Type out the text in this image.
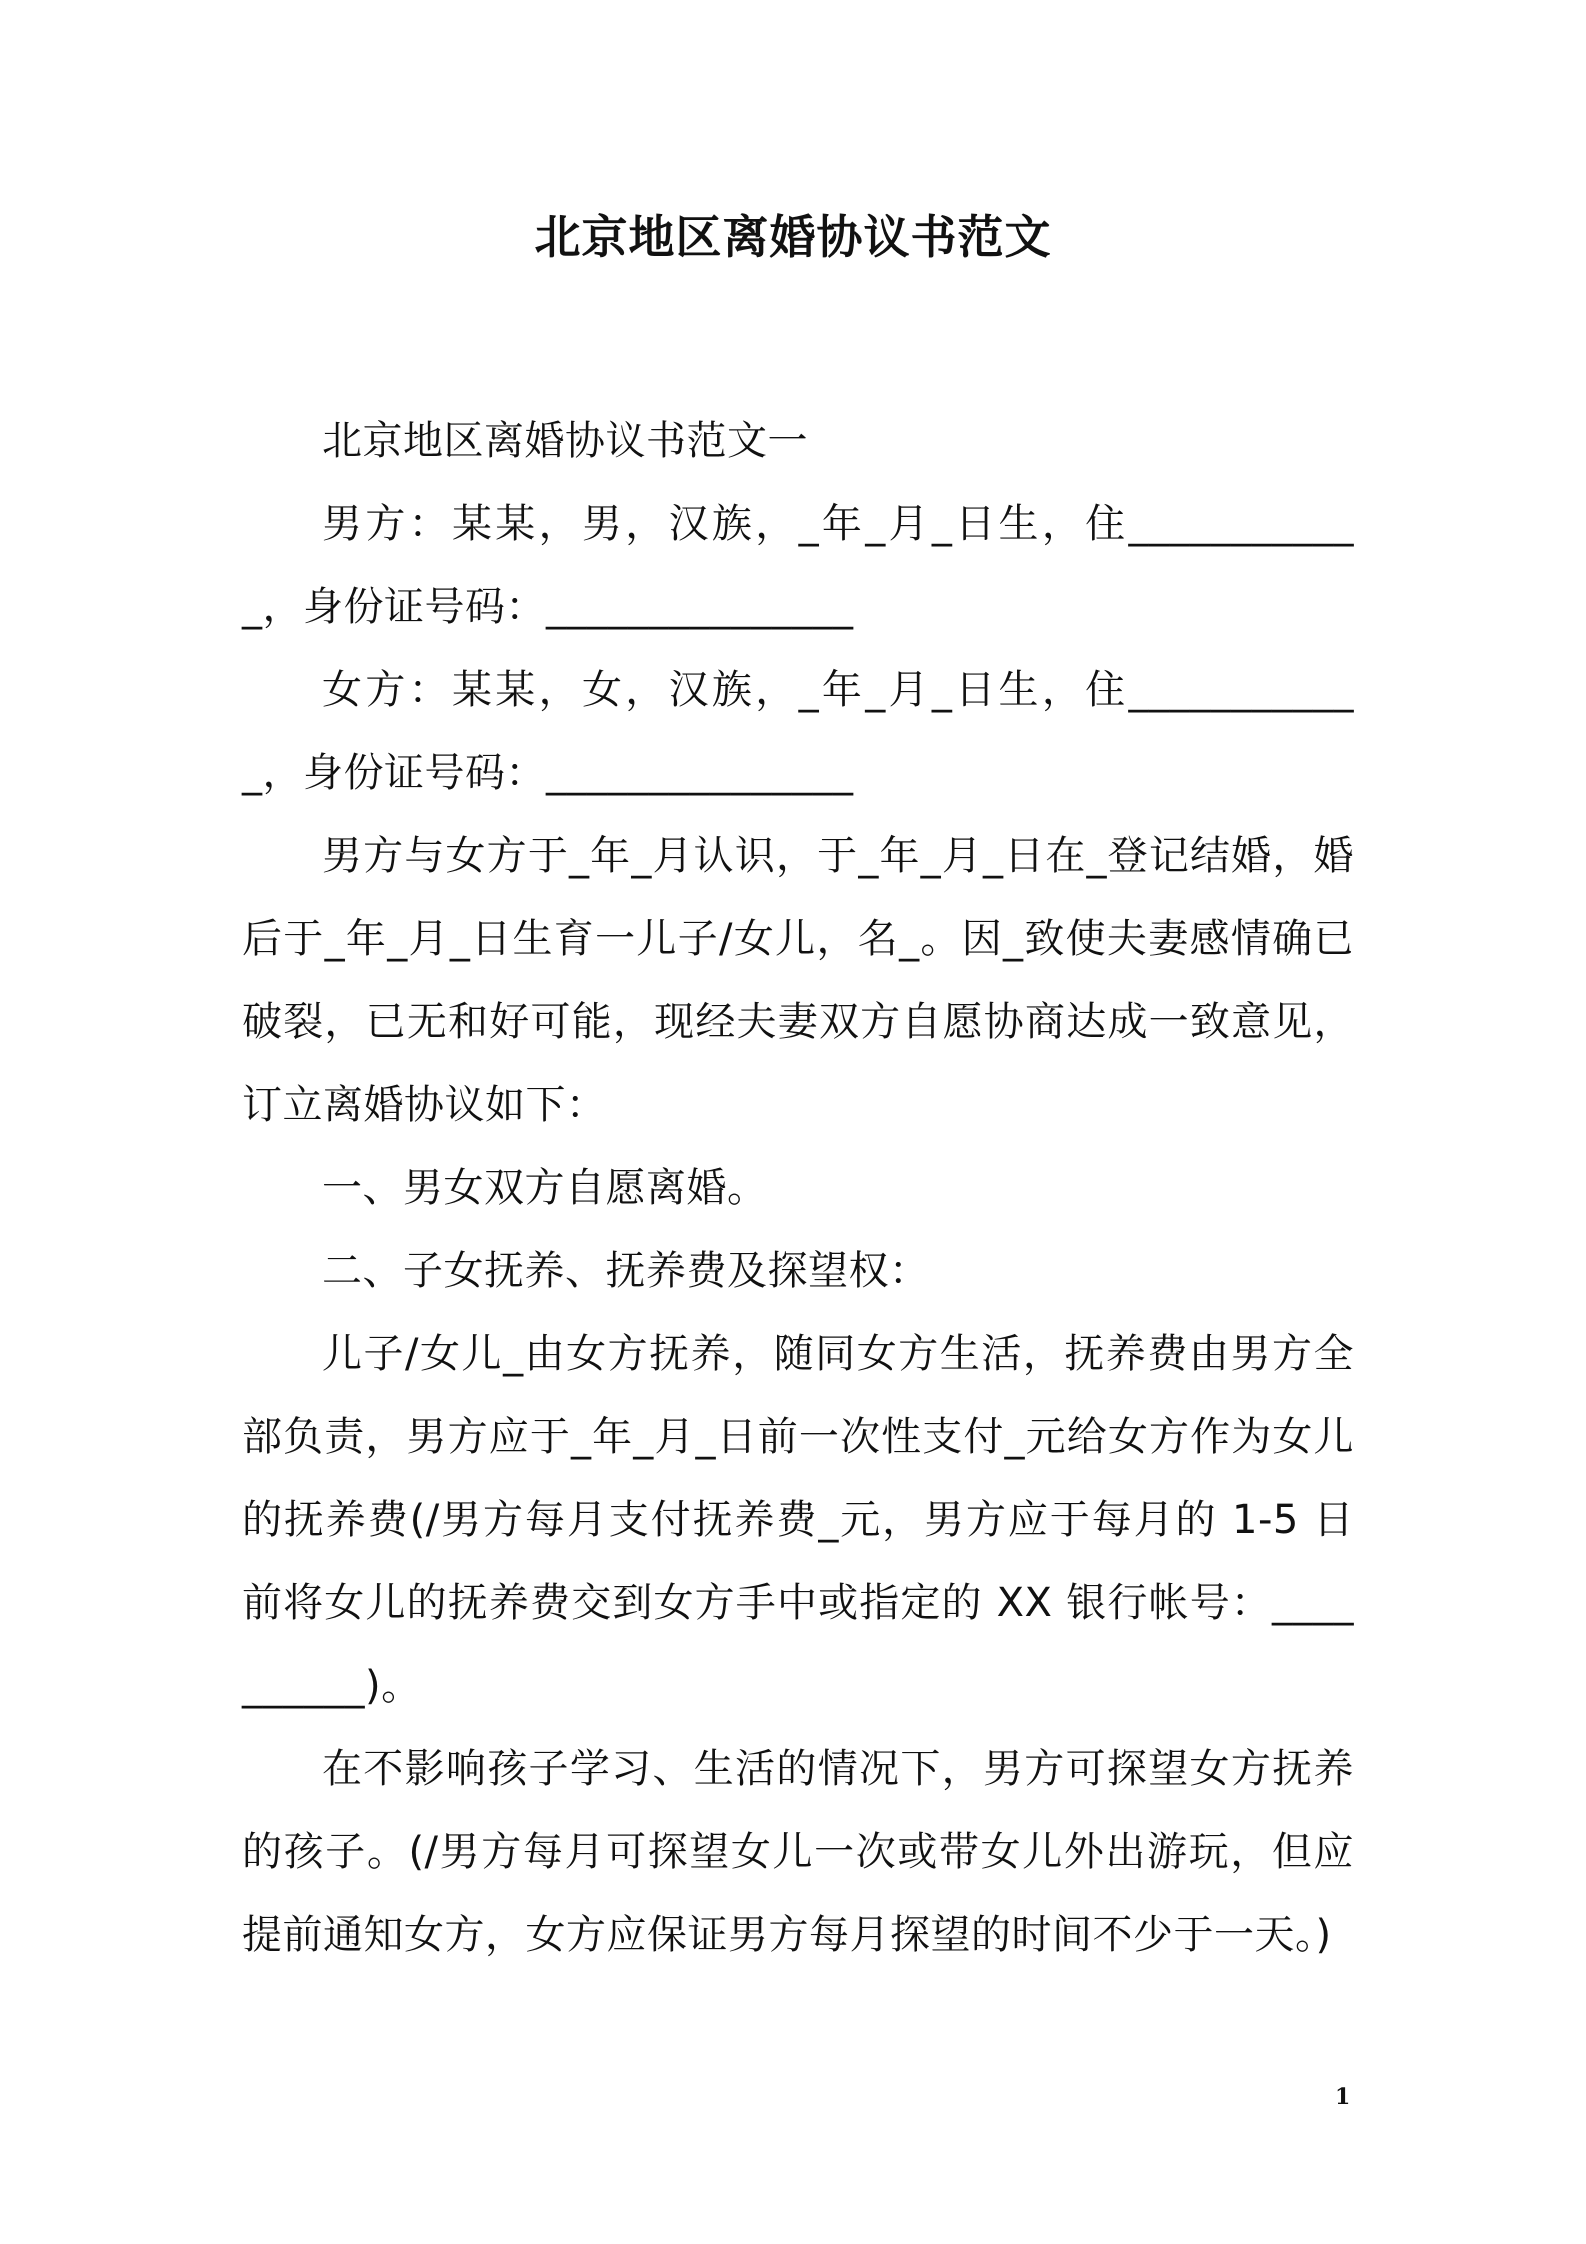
北京地区离婚协议书范文

北京地区离婚协议书范文一

男方：某某，男，汉族，_年_月_日生，住____________，身份证号码：_______________

女方：某某，女，汉族，_年_月_日生，住____________，身份证号码：_______________

男方与女方于_年_月认识，于_年_月_日在_登记结婚，婚后于_年_月_日生育一儿子/女儿，名_。因_致使夫妻感情确已破裂，已无和好可能，现经夫妻双方自愿协商达成一致意见，订立离婚协议如下：

一、男女双方自愿离婚。

二、子女抚养、抚养费及探望权：

儿子/女儿_由女方抚养，随同女方生活，抚养费由男方全部负责，男方应于_年_月_日前一次性支付_元给女方作为女儿的抚养费(/男方每月支付抚养费_元，男方应于每月的 1-5 日前将女儿的抚养费交到女方手中或指定的 XX 银行帐号：__________)。

在不影响孩子学习、生活的情况下，男方可探望女方抚养的孩子。(/男方每月可探望女儿一次或带女儿外出游玩，但应提前通知女方，女方应保证男方每月探望的时间不少于一天。)

1
